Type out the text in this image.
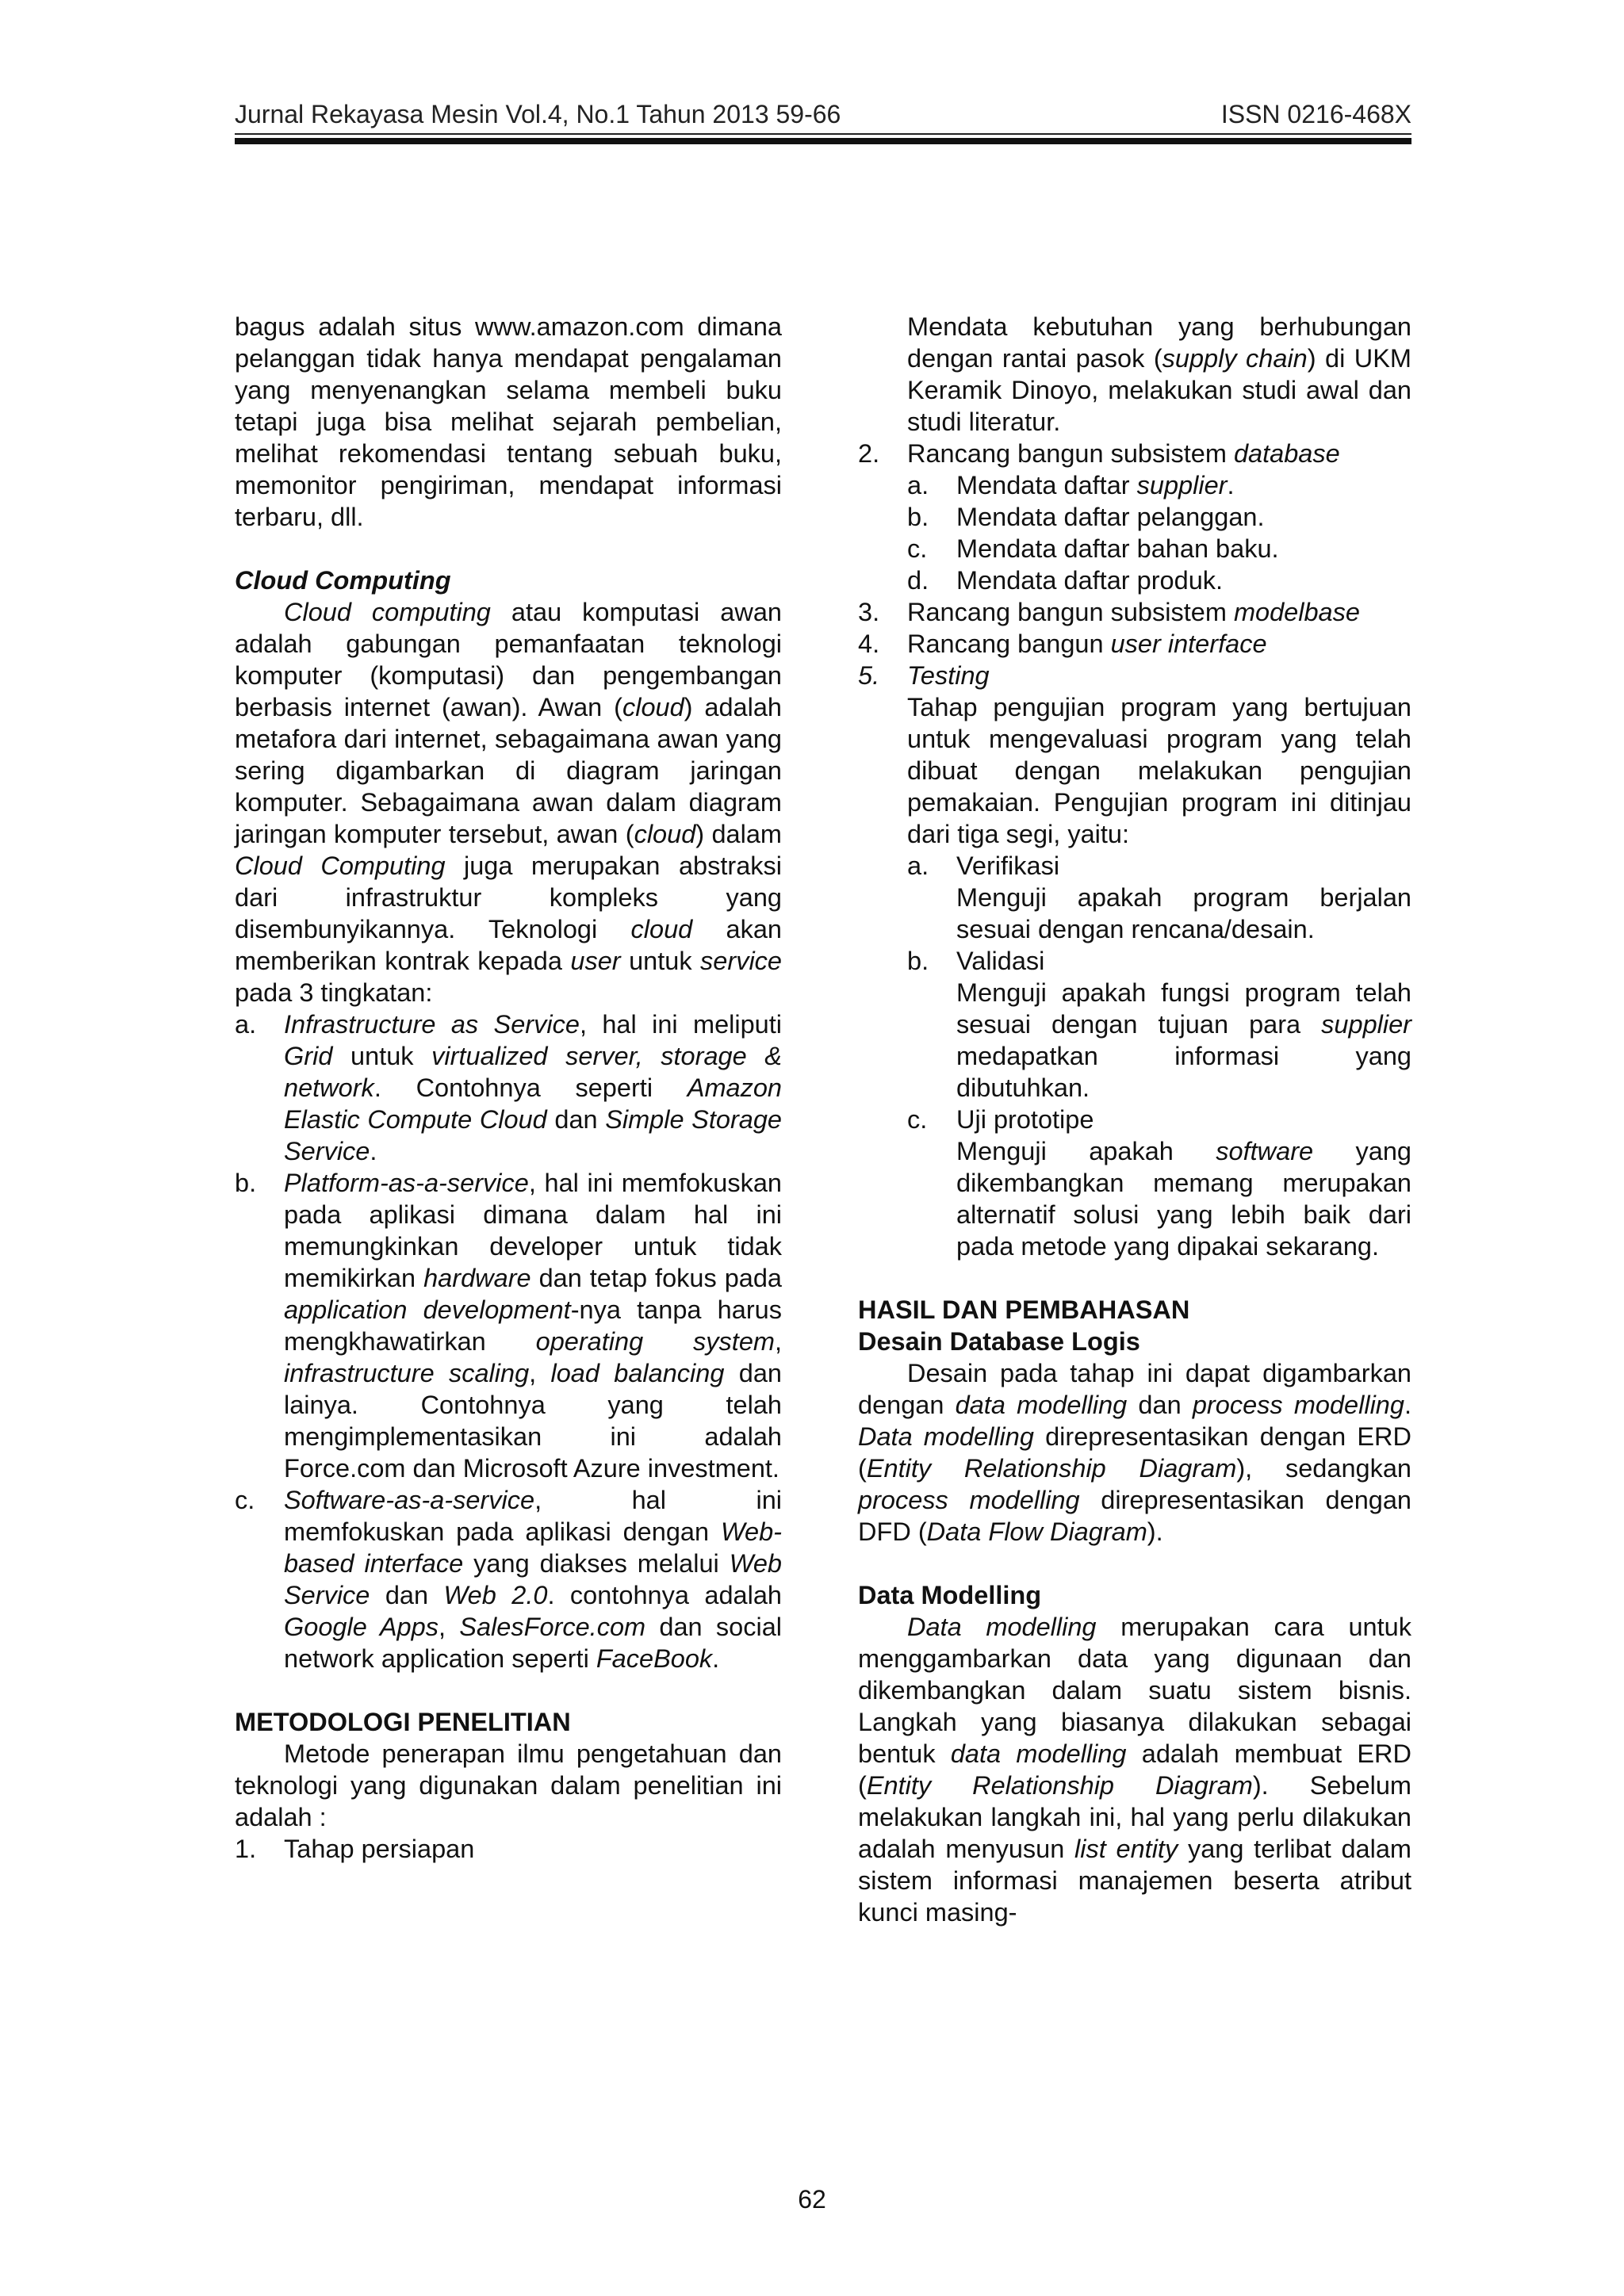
Jurnal Rekayasa Mesin Vol.4, No.1 Tahun 2013 59-66	ISSN 0216-468X

bagus adalah situs www.amazon.com dimana pelanggan tidak hanya mendapat pengalaman yang menyenangkan selama membeli buku tetapi juga bisa melihat sejarah pembelian, melihat rekomendasi tentang sebuah buku, memonitor pengiriman, mendapat informasi terbaru, dll.

Cloud Computing

Cloud computing atau komputasi awan adalah gabungan pemanfaatan teknologi komputer (komputasi) dan pengembangan berbasis internet (awan). Awan (cloud) adalah metafora dari internet, sebagaimana awan yang sering digambarkan di diagram jaringan komputer. Sebagaimana awan dalam diagram jaringan komputer tersebut, awan (cloud) dalam Cloud Computing juga merupakan abstraksi dari infrastruktur kompleks yang disembunyikannya. Teknologi cloud akan memberikan kontrak kepada user untuk service pada 3 tingkatan:

a.	Infrastructure as Service, hal ini meliputi Grid untuk virtualized server, storage & network. Contohnya seperti Amazon Elastic Compute Cloud dan Simple Storage Service.
b.	Platform-as-a-service, hal ini memfokuskan pada aplikasi dimana dalam hal ini memungkinkan developer untuk tidak memikirkan hardware dan tetap fokus pada application development-nya tanpa harus mengkhawatirkan operating system, infrastructure scaling, load balancing dan lainya. Contohnya yang telah mengimplementasikan ini adalah Force.com dan Microsoft Azure investment.
c.	Software-as-a-service, hal ini memfokuskan pada aplikasi dengan Web-based interface yang diakses melalui Web Service dan Web 2.0. contohnya adalah Google Apps, SalesForce.com dan social network application seperti FaceBook.

METODOLOGI PENELITIAN

Metode penerapan ilmu pengetahuan dan teknologi yang digunakan dalam penelitian ini adalah :

1.	Tahap persiapan

Mendata kebutuhan yang berhubungan dengan rantai pasok (supply chain) di UKM Keramik Dinoyo, melakukan studi awal dan studi literatur.

2.	Rancang bangun subsistem database
a.	Mendata daftar supplier.
b.	Mendata daftar pelanggan.
c.	Mendata daftar bahan baku.
d.	Mendata daftar produk.
3.	Rancang bangun subsistem modelbase
4.	Rancang bangun user interface
5.	Testing

Tahap pengujian program yang bertujuan untuk mengevaluasi program yang telah dibuat dengan melakukan pengujian pemakaian. Pengujian program ini ditinjau dari tiga segi, yaitu:

a.	Verifikasi

Menguji apakah program berjalan sesuai dengan rencana/desain.

b.	Validasi

Menguji apakah fungsi program telah sesuai dengan tujuan para supplier medapatkan informasi yang dibutuhkan.

c.	Uji prototipe

Menguji apakah software yang dikembangkan memang merupakan alternatif solusi yang lebih baik dari pada metode yang dipakai sekarang.

HASIL DAN PEMBAHASAN

Desain Database Logis

Desain pada tahap ini dapat digambarkan dengan data modelling dan process modelling. Data modelling direpresentasikan dengan ERD (Entity Relationship Diagram), sedangkan process modelling direpresentasikan dengan DFD (Data Flow Diagram).

Data Modelling

Data modelling merupakan cara untuk menggambarkan data yang digunaan dan dikembangkan dalam suatu sistem bisnis. Langkah yang biasanya dilakukan sebagai bentuk data modelling adalah membuat ERD (Entity Relationship Diagram). Sebelum melakukan langkah ini, hal yang perlu dilakukan adalah menyusun list entity yang terlibat dalam sistem informasi manajemen beserta atribut kunci masing-

62
